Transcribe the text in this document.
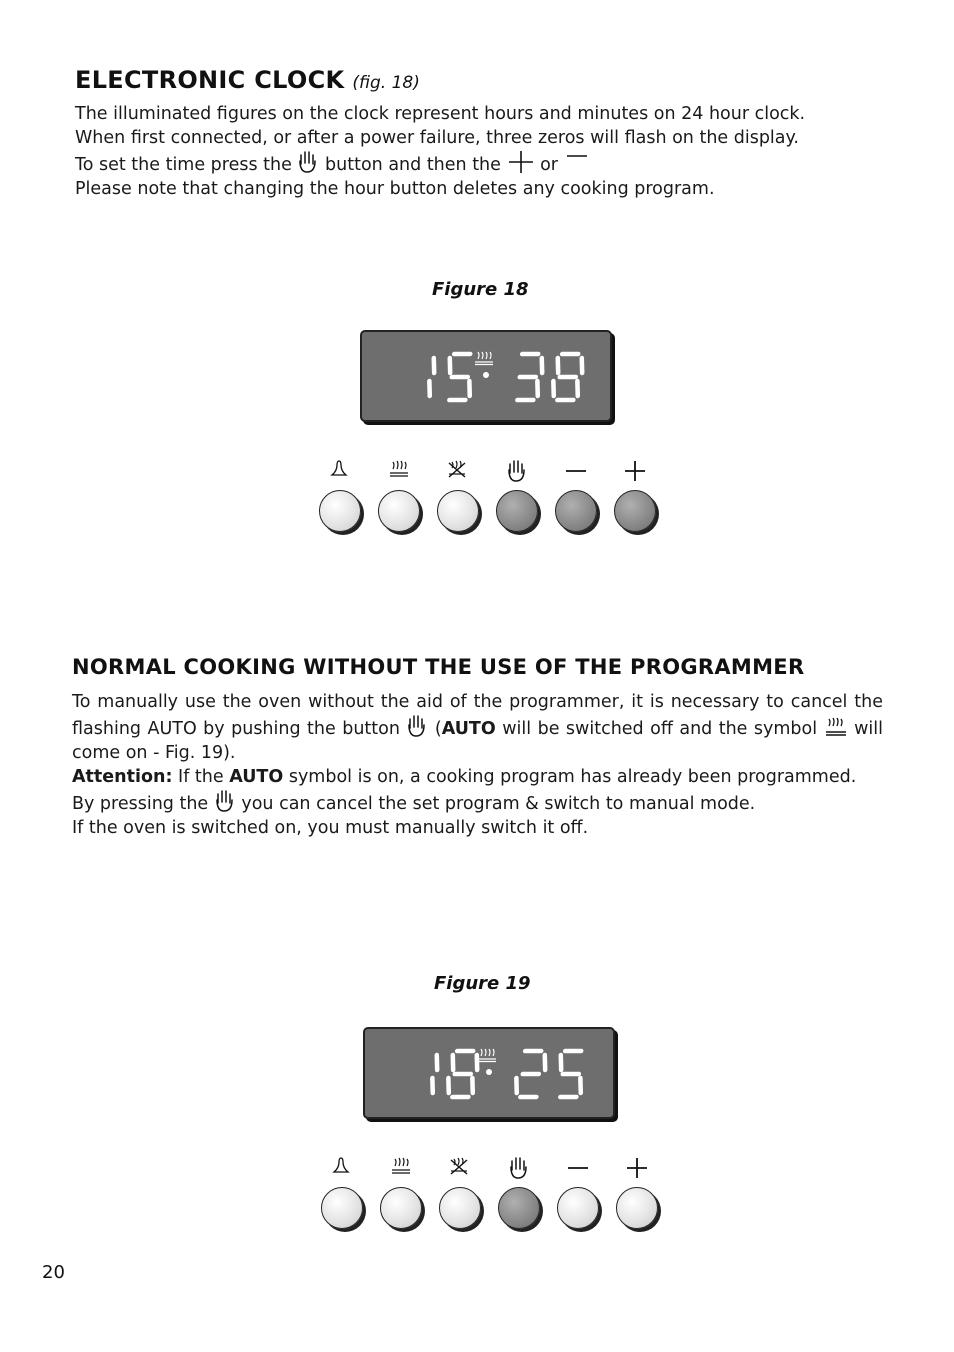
ELECTRONIC CLOCK (fig. 18)

The illuminated figures on the clock represent hours and minutes on 24 hour clock.

When first connected, or after a power failure, three zeros will flash on the display.

To set the time press the button and then the or

Please note that changing the hour button deletes any cooking program.

Figure 18
NORMAL COOKING WITHOUT THE USE OF THE PROGRAMMER

To manually use the oven without the aid of the programmer, it is necessary to cancel the flashing AUTO by pushing the button (AUTO will be switched off and the symbol will come on - Fig. 19).

Attention: If the AUTO symbol is on, a cooking program has already been programmed. By pressing the you can cancel the set program & switch to manual mode.

If the oven is switched on, you must manually switch it off.

Figure 19
20
